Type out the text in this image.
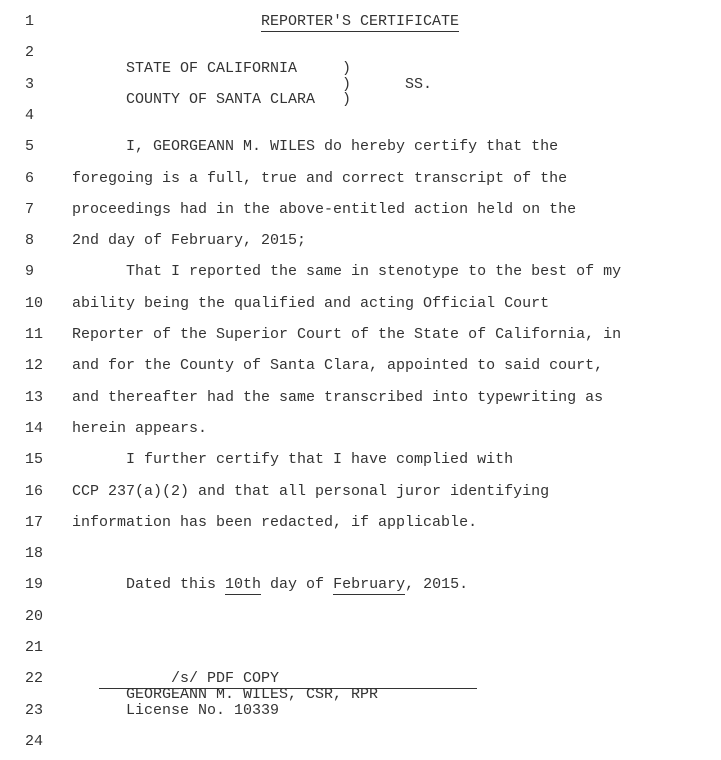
1	REPORTER'S CERTIFICATE
2
STATE OF CALIFORNIA     )
3	)      SS.
COUNTY OF SANTA CLARA   )
4
5	I, GEORGEANN M. WILES do hereby certify that the
6	foregoing is a full, true and correct transcript of the
7	proceedings had in the above-entitled action held on the
8	2nd day of February, 2015;
9	That I reported the same in stenotype to the best of my
10 ability being the qualified and acting Official Court
11 Reporter of the Superior Court of the State of California, in
12 and for the County of Santa Clara, appointed to said court,
13 and thereafter had the same transcribed into typewriting as
14 herein appears.
15 I further certify that I have complied with
16 CCP 237(a)(2) and that all personal juror identifying
17 information has been redacted, if applicable.
18
19 Dated this 10th day of February, 2015.
20
21
22	/s/ PDF COPY
GEORGEANN M. WILES, CSR, RPR
23 License No. 10339
24
